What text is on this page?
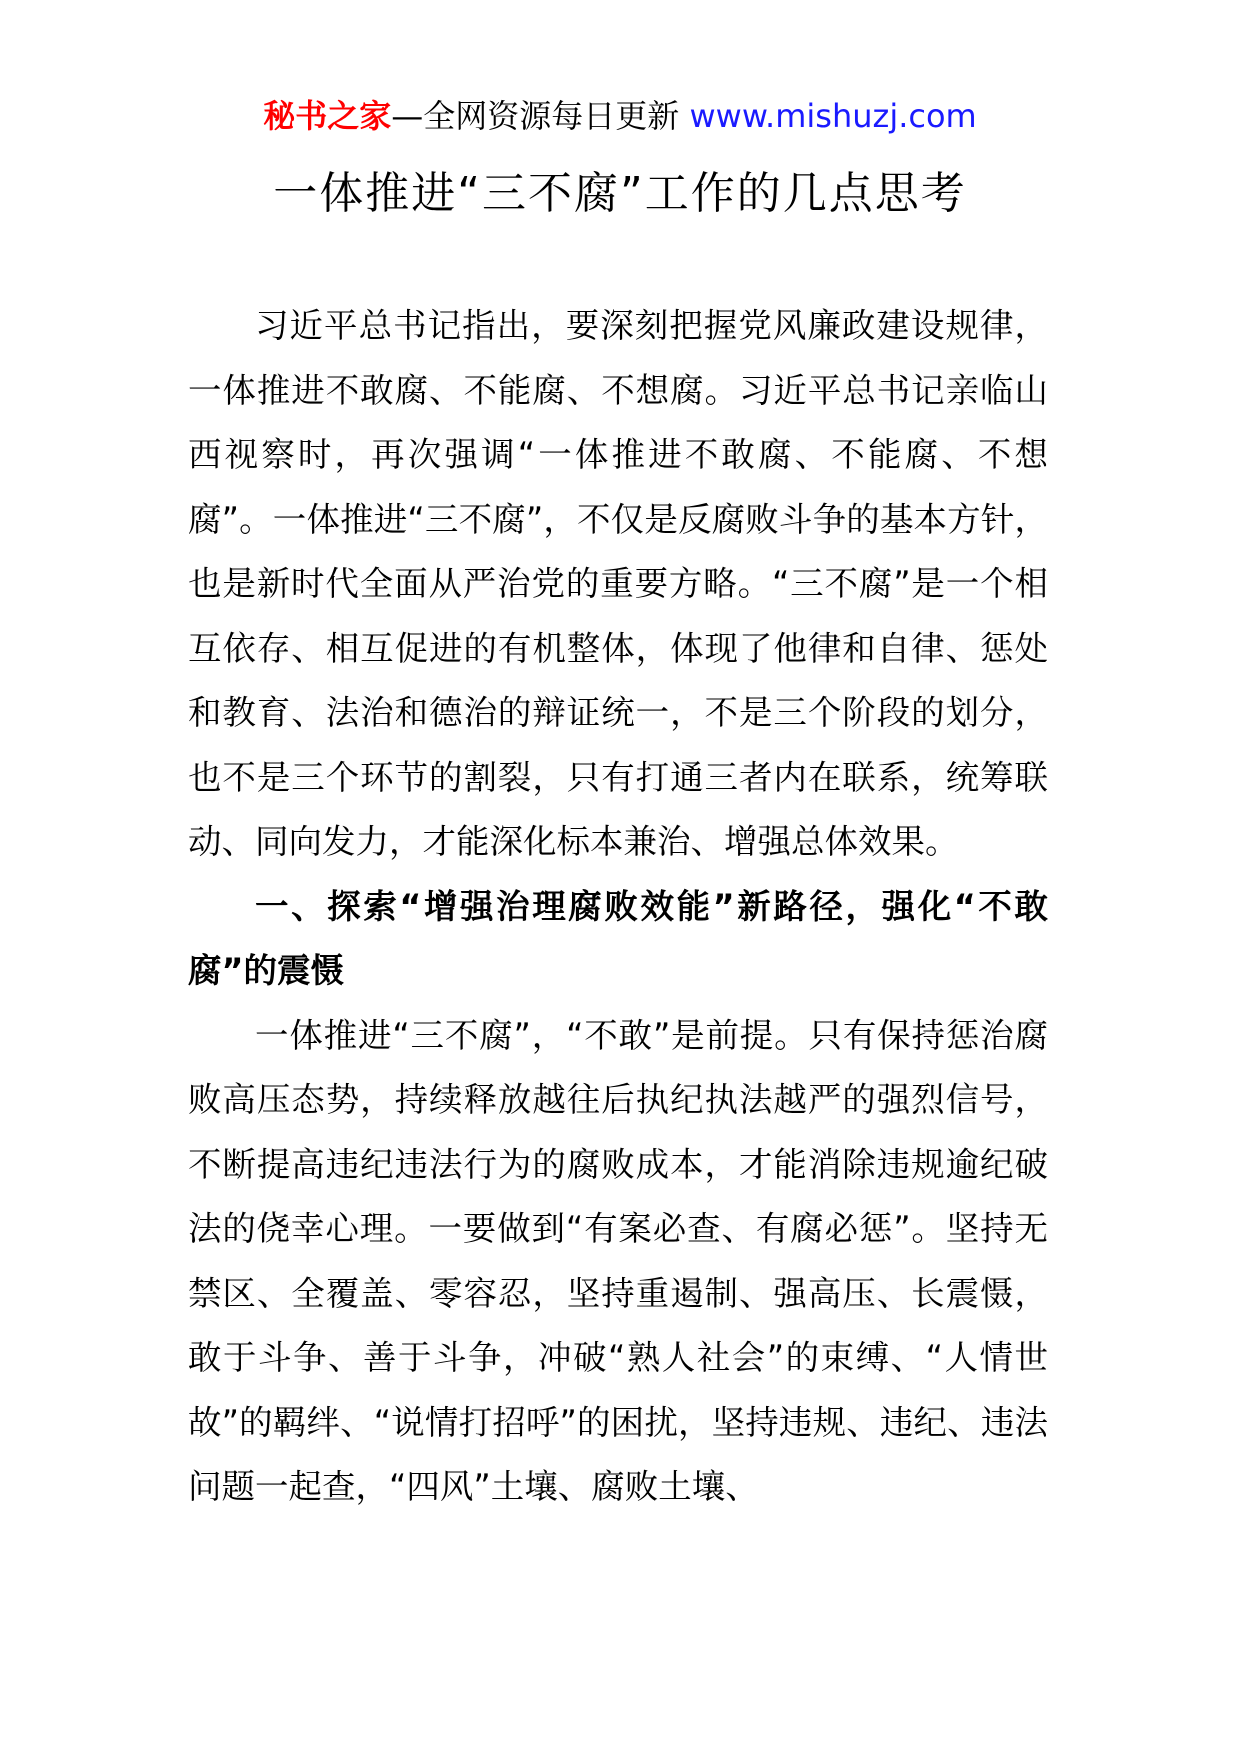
秘书之家—全网资源每日更新 www.mishuzj.com
一体推进“三不腐”工作的几点思考

习近平总书记指出，要深刻把握党风廉政建设规律，一体推进不敢腐、不能腐、不想腐。习近平总书记亲临山西视察时，再次强调“一体推进不敢腐、不能腐、不想腐”。一体推进“三不腐”，不仅是反腐败斗争的基本方针，也是新时代全面从严治党的重要方略。“三不腐”是一个相互依存、相互促进的有机整体，体现了他律和自律、惩处和教育、法治和德治的辩证统一，不是三个阶段的划分，也不是三个环节的割裂，只有打通三者内在联系，统筹联动、同向发力，才能深化标本兼治、增强总体效果。

一、探索“增强治理腐败效能”新路径，强化“不敢腐”的震慑

一体推进“三不腐”，“不敢”是前提。只有保持惩治腐败高压态势，持续释放越往后执纪执法越严的强烈信号，不断提高违纪违法行为的腐败成本，才能消除违规逾纪破法的侥幸心理。一要做到“有案必查、有腐必惩”。坚持无禁区、全覆盖、零容忍，坚持重遏制、强高压、长震慑，敢于斗争、善于斗争，冲破“熟人社会”的束缚、“人情世故”的羁绊、“说情打招呼”的困扰，坚持违规、违纪、违法问题一起查，“四风”土壤、腐败土壤、
